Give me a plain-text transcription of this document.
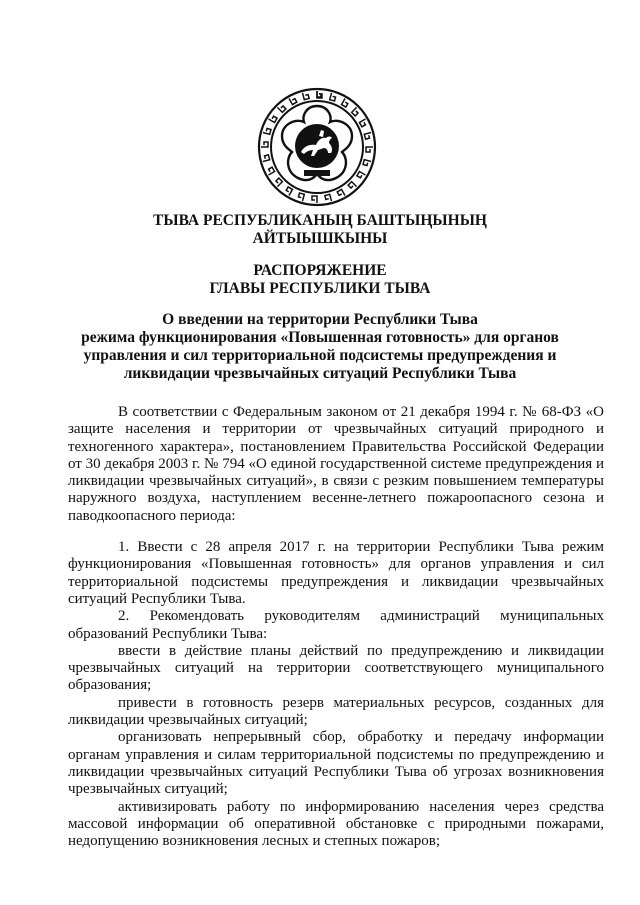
ТЫВА РЕСПУБЛИКАНЫҢ БАШТЫҢЫНЫҢ
АЙТЫЫШКЫНЫ
РАСПОРЯЖЕНИЕ
ГЛАВЫ РЕСПУБЛИКИ ТЫВА
О введении на территории Республики Тыва
режима функционирования «Повышенная готовность» для органов
управления и сил территориальной подсистемы предупреждения и
ликвидации чрезвычайных ситуаций Республики Тыва

В соответствии с Федеральным законом от 21 декабря 1994 г. № 68-ФЗ «О защите населения и территории от чрезвычайных ситуаций природного и техногенного характера», постановлением Правительства Российской Федерации от 30 декабря 2003 г. № 794 «О единой государственной системе предупреждения и ликвидации чрезвычайных ситуаций», в связи с резким повышением температуры наружного воздуха, наступлением весенне-летнего пожароопасного сезона и паводкоопасного периода:

1. Ввести с 28 апреля 2017 г. на территории Республики Тыва режим функционирования «Повышенная готовность» для органов управления и сил территориальной подсистемы предупреждения и ликвидации чрезвычайных ситуаций Республики Тыва.

2. Рекомендовать руководителям администраций муниципальных образований Республики Тыва:

ввести в действие планы действий по предупреждению и ликвидации чрезвычайных ситуаций на территории соответствующего муниципального образования;

привести в готовность резерв материальных ресурсов, созданных для ликвидации чрезвычайных ситуаций;

организовать непрерывный сбор, обработку и передачу информации органам управления и силам территориальной подсистемы по предупреждению и ликвидации чрезвычайных ситуаций Республики Тыва об угрозах возникновения чрезвычайных ситуаций;

активизировать работу по информированию населения через средства массовой информации об оперативной обстановке с природными пожарами, недопущению возникновения лесных и степных пожаров;
